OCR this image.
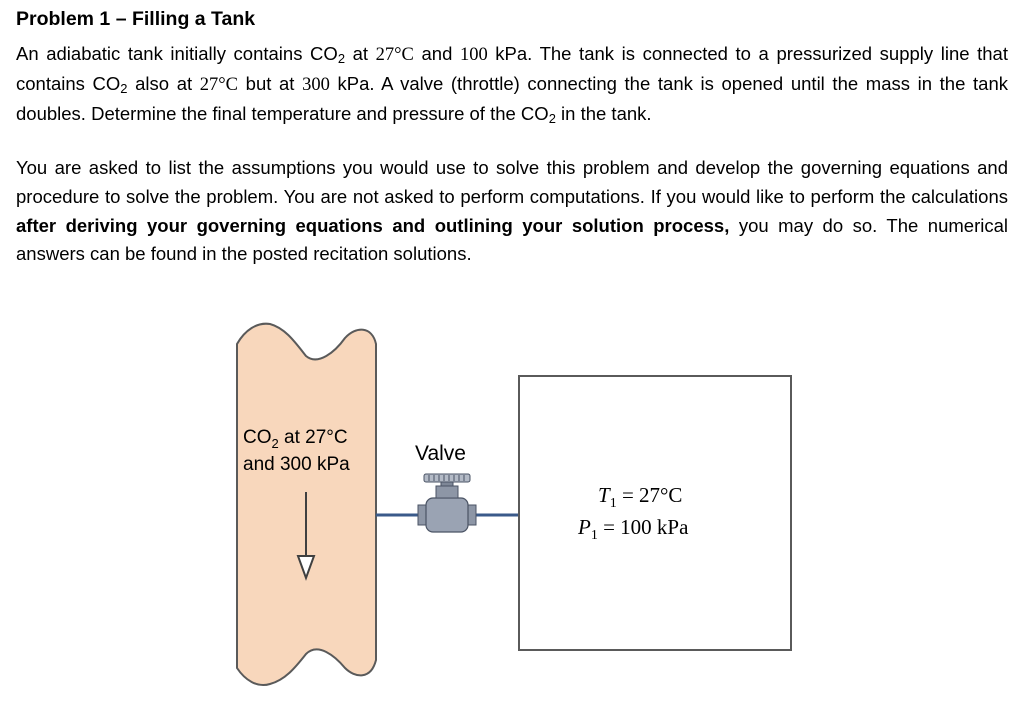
Problem 1 – Filling a Tank

An adiabatic tank initially contains $CO_2$ at 27°C and 100 kPa. The tank is connected to a pressurized supply line that contains $CO_2$ also at 27°C but at 300 kPa. A valve (throttle) connecting the tank is opened until the mass in the tank doubles. Determine the final temperature and pressure of the $CO_2$ in the tank.

You are asked to list the assumptions you would use to solve this problem and develop the governing equations and procedure to solve the problem. You are not asked to perform computations. If you would like to perform the calculations after deriving your governing equations and outlining your solution process, you may do so. The numerical answers can be found in the posted recitation solutions.

$CO_2$ at 27°C
and 300 kPa	Valve
$T_1 = 27^\circ C$
$P_1 = 100$ kPa
